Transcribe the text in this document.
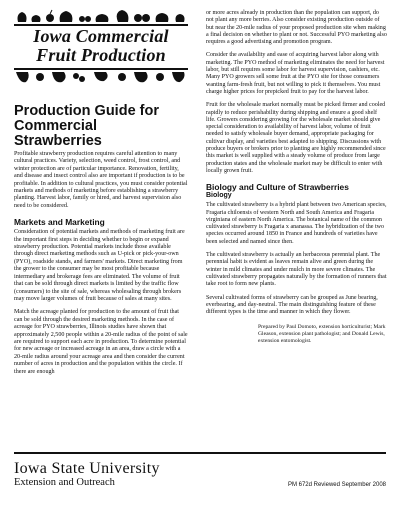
Iowa Commercial
Fruit Production
Production Guide for
Commercial Strawberries
Profitable strawberry production requires careful attention to many cultural practices. Variety, selection, weed control, frost control, and winter protection are of particular importance. Renovation, fertility, and disease and insect control also are important if production is to be profitable. In addition to cultural practices, you must consider potential markets and methods of marketing before establishing a strawberry planting. Harvest labor, family or hired, and harvest supervision also need to be considered.
Markets and Marketing
Consideration of potential markets and methods of marketing fruit are the important first steps in deciding whether to begin or expand strawberry production. Potential markets include those available through direct marketing methods such as U-pick or pick-your-own (PYO), roadside stands, and farmers' markets. Direct marketing from the grower to the consumer may be most profitable because intermediary and brokerage fees are eliminated. The volume of fruit that can be sold through direct markets is limited by the traffic flow (consumers) to the site of sale, whereas wholesaling through brokers may move larger volumes of fruit because of sales at many sites.
Match the acreage planted for production to the amount of fruit that can be sold through the desired marketing methods. In the case of acreage for PYO strawberries, Illinois studies have shown that approximately 2,500 people within a 20-mile radius of the point of sale are required to support each acre in production. To determine potential for new acreage or increased acreage in an area, draw a circle with a 20-mile radius around your acreage area and then consider the current number of acres in production and the population within the circle. If there are enough
or more acres already in production than the population can support, do not plant any more berries. Also consider existing production outside of but near the 20-mile radius of your proposed production site when making a final decision on whether to plant or not. Successful PYO marketing also requires a good advertising and promotion program.
Consider the availability and ease of acquiring harvest labor along with marketing. The PYO method of marketing eliminates the need for harvest labor, but still requires some labor for harvest supervision, cashiers, etc. Many PYO growers sell some fruit at the PYO site for those consumers wanting farm-fresh fruit, but not willing to pick it themselves. You must charge higher prices for prepicked fruit to pay for the harvest labor.
Fruit for the wholesale market normally must be picked firmer and cooled rapidly to reduce perishability during shipping and ensure a good shelf life. Growers considering growing for the wholesale market should give special consideration to availability of harvest labor, volume of fruit needed to satisfy wholesale buyer demand, appropriate packaging for cultivar display, and varieties best adapted to shipping. Discussions with produce buyers or brokers prior to planting are highly recommended since this market is well supplied with a steady volume of produce from large production states and the wholesale market may be difficult to enter with locally grown fruit.
Biology and Culture of Strawberries
Biology
The cultivated strawberry is a hybrid plant between two American species, Fragaria chiloensis of western North and South America and Fragaria virginiana of eastern North America. The botanical name of the common cultivated strawberry is Fragaria x ananassa. The hybridization of the two species occurred around 1850 in France and hundreds of varieties have been selected and named since then.
The cultivated strawberry is actually an herbaceous perennial plant. The perennial habit is evident as leaves remain alive and green during the winter in mild climates and under mulch in more severe climates. The cultivated strawberry propagates naturally by the formation of runners that take root to form new plants.
Several cultivated forms of strawberry can be grouped as June bearing, everbearing, and day-neutral. The main distinguishing feature of these different types is the time and manner in which they flower.
Prepared by Paul Domoto, extension horticulturist; Mark Gleason, extension plant pathologist; and Donald Lewis, extension entomologist.
Iowa State University
Extension and Outreach	PM 672d Reviewed September 2008
